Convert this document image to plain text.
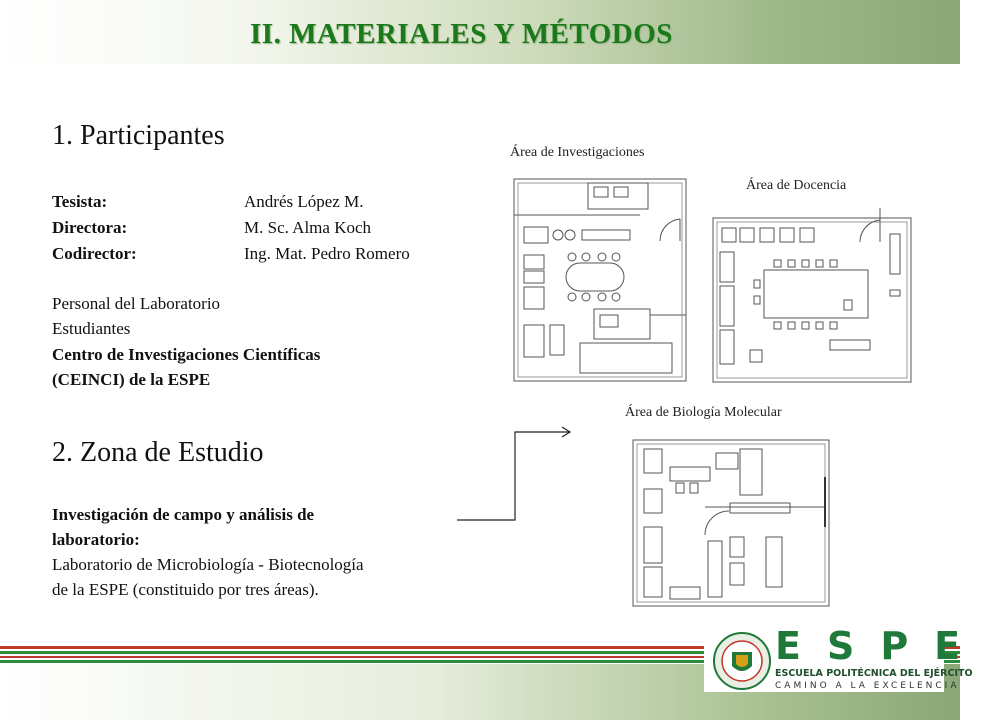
II. MATERIALES Y MÉTODOS
1. Participantes
Tesista:	Andrés López M.
Directora:	M. Sc. Alma Koch
Codirector:	Ing. Mat. Pedro Romero
Personal del Laboratorio
Estudiantes
Centro de Investigaciones Científicas
(CEINCI) de la ESPE
2. Zona de Estudio
Investigación de campo y análisis de
laboratorio:
Laboratorio de Microbiología - Biotecnología
de la ESPE (constituido por tres áreas).
Área de Investigaciones
Área de Docencia
Área de Biología Molecular
ESPE
ESCUELA POLITÉCNICA DEL EJÉRCITO
CAMINO A LA EXCELENCIA
